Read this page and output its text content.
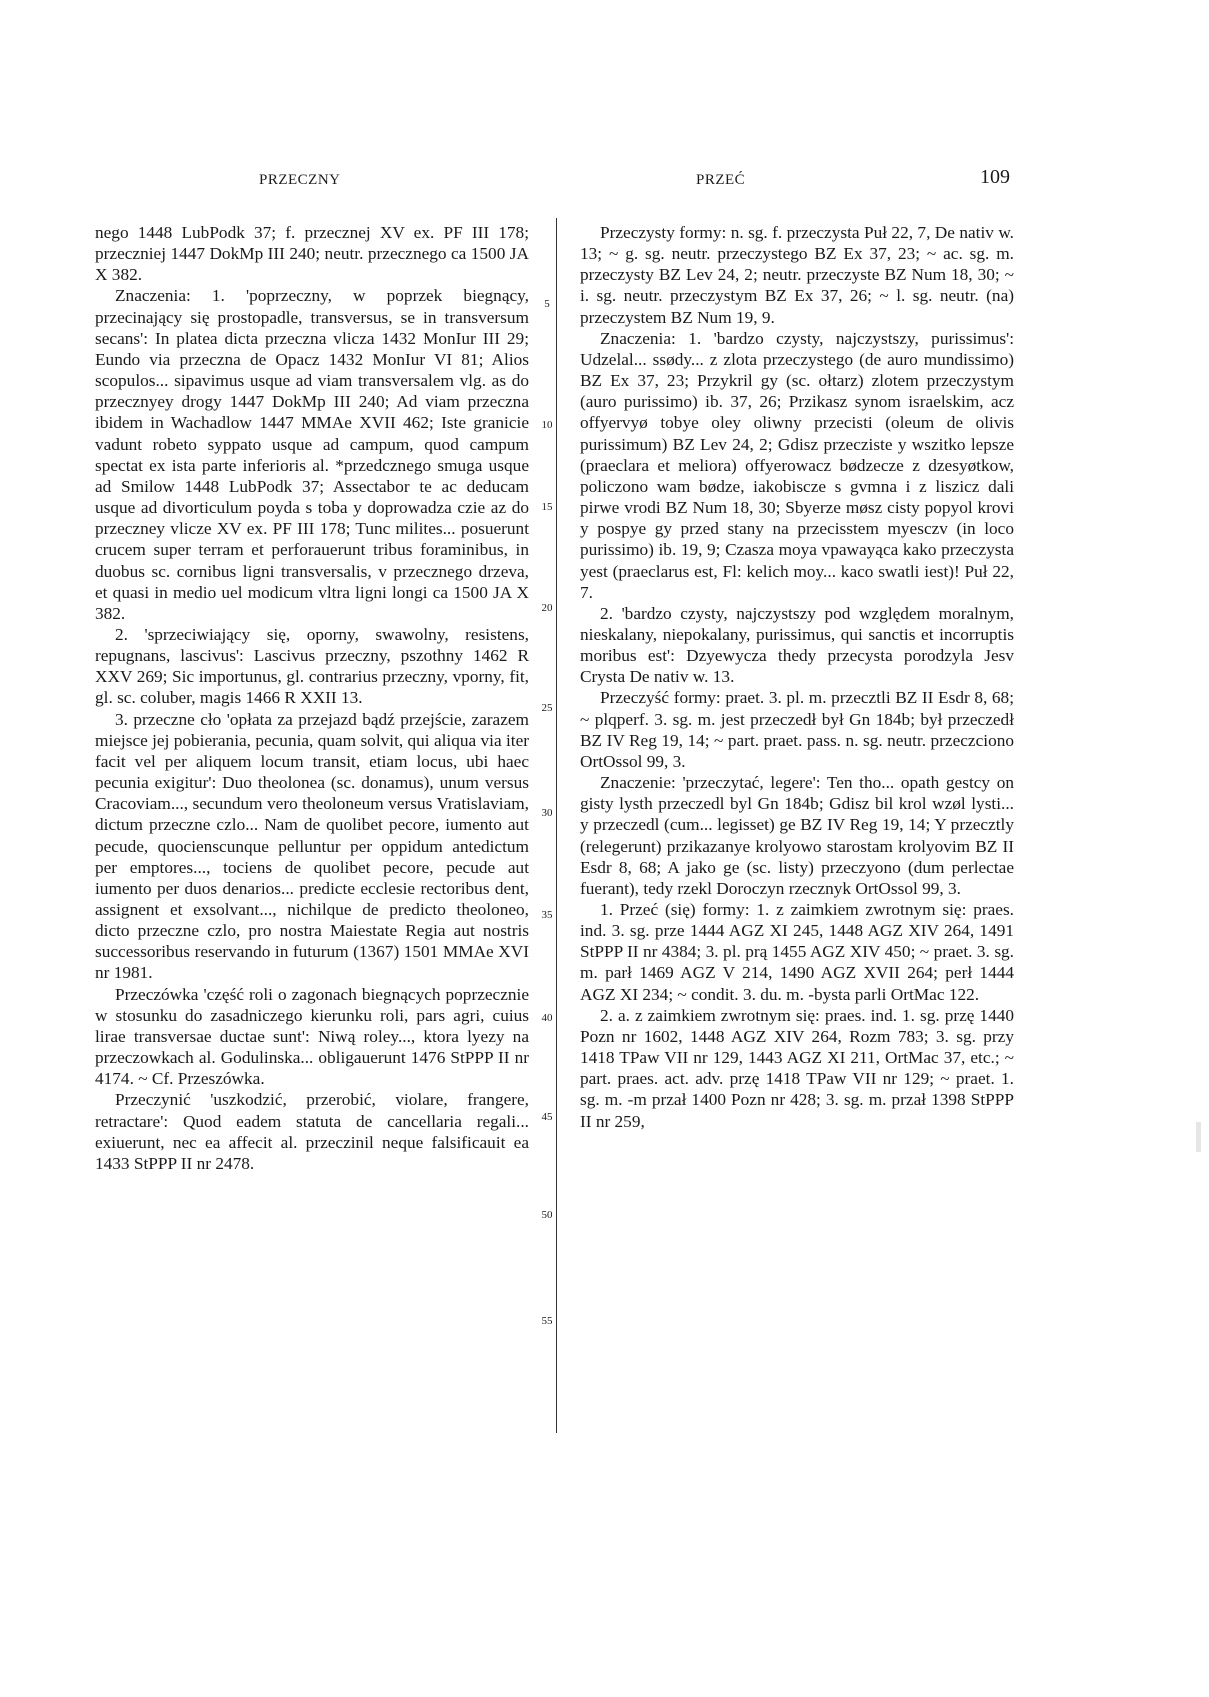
PRZECZNY	PRZEĆ	109

nego 1448 LubPodk 37; f. przecznej XV ex. PF III 178; przeczniej 1447 DokMp III 240; neutr. przecznego ca 1500 JA X 382.

Znaczenia: 1. 'poprzeczny, w poprzek biegnący, przecinający się prostopadle, transversus, se in transversum secans': In platea dicta przeczna vlicza 1432 MonIur III 29; Eundo via przeczna de Opacz 1432 MonIur VI 81; Alios scopulos... sipavimus usque ad viam transversalem vlg. as do przecznyey drogy 1447 DokMp III 240; Ad viam przeczna ibidem in Wachadlow 1447 MMAe XVII 462; Iste granicie vadunt robeto syppato usque ad campum, quod campum spectat ex ista parte inferioris al. *przedcznego smuga usque ad Smilow 1448 LubPodk 37; Assectabor te ac deducam usque ad divorticulum poyda s toba y doprowadza czie az do przeczney vlicze XV ex. PF III 178; Tunc milites... posuerunt crucem super terram et perforauerunt tribus foraminibus, in duobus sc. cornibus ligni transversalis, v przecznego drzeva, et quasi in medio uel modicum vltra ligni longi ca 1500 JA X 382.

2. 'sprzeciwiający się, oporny, swawolny, resistens, repugnans, lascivus': Lascivus przeczny, pszothny 1462 R XXV 269; Sic importunus, gl. contrarius przeczny, vporny, fit, gl. sc. coluber, magis 1466 R XXII 13.

3. przeczne cło 'opłata za przejazd bądź przejście, zarazem miejsce jej pobierania, pecunia, quam solvit, qui aliqua via iter facit vel per aliquem locum transit, etiam locus, ubi haec pecunia exigitur': Duo theolonea (sc. donamus), unum versus Cracoviam..., secundum vero theoloneum versus Vratislaviam, dictum przeczne czlo... Nam de quolibet pecore, iumento aut pecude, quocienscunque pelluntur per oppidum antedictum per emptores..., tociens de quolibet pecore, pecude aut iumento per duos denarios... predicte ecclesie rectoribus dent, assignent et exsolvant..., nichilque de predicto theoloneo, dicto przeczne czlo, pro nostra Maiestate Regia aut nostris successoribus reservando in futurum (1367) 1501 MMAe XVI nr 1981.

Przeczówka 'część roli o zagonach biegnących poprzecznie w stosunku do zasadniczego kierunku roli, pars agri, cuius lirae transversae ductae sunt': Niwą roley..., ktora lyezy na przeczowkach al. Godulinska... obligauerunt 1476 StPPP II nr 4174. ~ Cf. Przeszówka.

Przeczynić 'uszkodzić, przerobić, violare, frangere, retractare': Quod eadem statuta de cancellaria regali... exiuerunt, nec ea affecit al. przeczinil neque falsificauit ea 1433 StPPP II nr 2478.

5
10
15
20
25
30
35
40
45
50
55

Przeczysty formy: n. sg. f. przeczysta Puł 22, 7, De nativ w. 13; ~ g. sg. neutr. przeczystego BZ Ex 37, 23; ~ ac. sg. m. przeczysty BZ Lev 24, 2; neutr. przeczyste BZ Num 18, 30; ~ i. sg. neutr. przeczystym BZ Ex 37, 26; ~ l. sg. neutr. (na) przeczystem BZ Num 19, 9.

Znaczenia: 1. 'bardzo czysty, najczystszy, purissimus': Udzelal... ssødy... z zlota przeczystego (de auro mundissimo) BZ Ex 37, 23; Przykril gy (sc. ołtarz) zlotem przeczystym (auro purissimo) ib. 37, 26; Przikasz synom israelskim, acz offyervyø tobye oley oliwny przecisti (oleum de olivis purissimum) BZ Lev 24, 2; Gdisz przecziste y wszitko lepsze (praeclara et meliora) offyerowacz bødzecze z dzesyøtkow, policzono wam bødze, iakobiscze s gvmna i z liszicz dali pirwe vrodi BZ Num 18, 30; Sbyerze møsz cisty popyol krovi y pospye gy przed stany na przecisstem myesczv (in loco purissimo) ib. 19, 9; Czasza moya vpawayąca kako przeczysta yest (praeclarus est, Fl: kelich moy... kaco swatli iest)! Puł 22, 7.

2. 'bardzo czysty, najczystszy pod względem moralnym, nieskalany, niepokalany, purissimus, qui sanctis et incorruptis moribus est': Dzyewycza thedy przecysta porodzyla Jesv Crysta De nativ w. 13.

Przeczyść formy: praet. 3. pl. m. przecztli BZ II Esdr 8, 68; ~ plqperf. 3. sg. m. jest przeczedł był Gn 184b; był przeczedł BZ IV Reg 19, 14; ~ part. praet. pass. n. sg. neutr. przeczciono OrtOssol 99, 3.

Znaczenie: 'przeczytać, legere': Ten tho... opath gestcy on gisty lysth przeczedl byl Gn 184b; Gdisz bil krol wzøl lysti... y przeczedl (cum... legisset) ge BZ IV Reg 19, 14; Y przecztly (relegerunt) przikazanye krolyowo starostam krolyovim BZ II Esdr 8, 68; A jako ge (sc. listy) przeczyono (dum perlectae fuerant), tedy rzekl Doroczyn rzecznyk OrtOssol 99, 3.

1. Przeć (się) formy: 1. z zaimkiem zwrotnym się: praes. ind. 3. sg. prze 1444 AGZ XI 245, 1448 AGZ XIV 264, 1491 StPPP II nr 4384; 3. pl. prą 1455 AGZ XIV 450; ~ praet. 3. sg. m. parł 1469 AGZ V 214, 1490 AGZ XVII 264; perł 1444 AGZ XI 234; ~ condit. 3. du. m. -bysta parli OrtMac 122.

2. a. z zaimkiem zwrotnym się: praes. ind. 1. sg. przę 1440 Pozn nr 1602, 1448 AGZ XIV 264, Rozm 783; 3. sg. przy 1418 TPaw VII nr 129, 1443 AGZ XI 211, OrtMac 37, etc.; ~ part. praes. act. adv. przę 1418 TPaw VII nr 129; ~ praet. 1. sg. m. -m przał 1400 Pozn nr 428; 3. sg. m. przał 1398 StPPP II nr 259,
